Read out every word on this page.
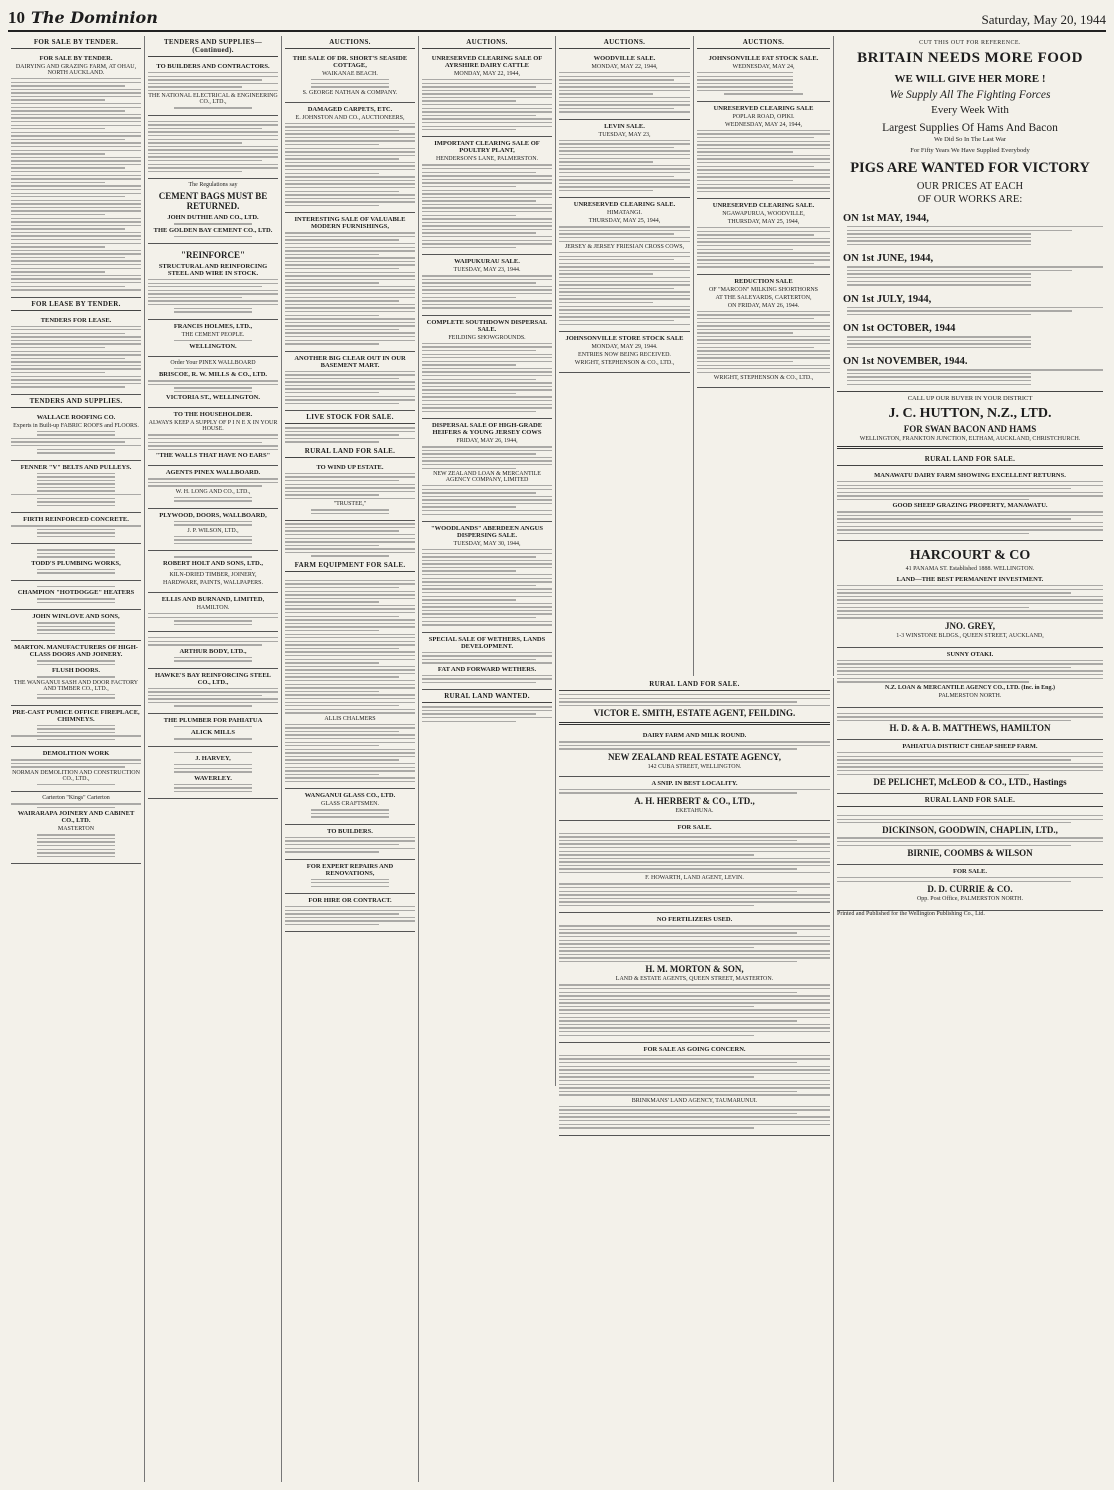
10 The Dominion	Saturday, May 20, 1944
FOR SALE BY TENDER.
FOR SALE BY TENDER.
DAIRYING AND GRAZING FARM, AT OHAU, NORTH AUCKLAND.
FOR LEASE BY TENDER.
TENDERS FOR LEASE.
TENDERS AND SUPPLIES.
WALLACE ROOFING CO.
Experts in Built-up FABRIC ROOFS and FLOORS.
FENNER "V" BELTS AND PULLEYS.
FIRTH REINFORCED CONCRETE.
TODD'S PLUMBING WORKS,
CHAMPION "HOTDOGGE" HEATERS
JOHN WINLOVE AND SONS,
MARTON. MANUFACTURERS OF HIGH-CLASS DOORS AND JOINERY.
FLUSH DOORS.
THE WANGANUI SASH AND DOOR FACTORY AND TIMBER CO., LTD.,
PRE-CAST PUMICE OFFICE FIREPLACE, CHIMNEYS.
DEMOLITION WORK
NORMAN DEMOLITION AND CONSTRUCTION CO., LTD.,
Carterton "Kings" Carterton
WAIRARAPA JOINERY AND CABINET CO., LTD.
MASTERTON
TENDERS AND SUPPLIES—(Continued).
TO BUILDERS AND CONTRACTORS.
THE NATIONAL ELECTRICAL & ENGINEERING CO., LTD.,
The Regulations say
CEMENT BAGS MUST BE RETURNED.
JOHN DUTHIE AND CO., LTD.
THE GOLDEN BAY CEMENT CO., LTD.
"REINFORCE"
STRUCTURAL AND REINFORCING STEEL AND WIRE IN STOCK.
FRANCIS HOLMES, LTD.,
THE CEMENT PEOPLE.
WELLINGTON.
Order Your PINEX WALLBOARD
BRISCOE, R. W. MILLS & CO., LTD.
VICTORIA ST., WELLINGTON.
TO THE HOUSEHOLDER.
ALWAYS KEEP A SUPPLY OF P I N E X IN YOUR HOUSE.
"THE WALLS THAT HAVE NO EARS"
AGENTS PINEX WALLBOARD.
W. H. LONG AND CO., LTD.,
PLYWOOD, DOORS, WALLBOARD,
J. P. WILSON, LTD.,
ROBERT HOLT AND SONS, LTD.,
KILN-DRIED TIMBER, JOINERY,
HARDWARE, PAINTS, WALLPAPERS.
ELLIS AND BURNAND, LIMITED,
HAMILTON.
ARTHUR BODY, LTD.,
HAWKE'S BAY REINFORCING STEEL CO., LTD.,
THE PLUMBER FOR PAHIATUA
ALICK MILLS
J. HARVEY,
WAVERLEY.
AUCTIONS.
THE SALE OF DR. SHORT'S SEASIDE COTTAGE,
WAIKANAE BEACH.
S. GEORGE NATHAN & COMPANY.
DAMAGED CARPETS, ETC.
E. JOHNSTON AND CO., AUCTIONEERS,
INTERESTING SALE OF VALUABLE MODERN FURNISHINGS,
ANOTHER BIG CLEAR OUT IN OUR BASEMENT MART.
LIVE STOCK FOR SALE.
RURAL LAND FOR SALE.
TO WIND UP ESTATE.
"TRUSTEE,"
FARM EQUIPMENT FOR SALE.
ALLIS CHALMERS
WANGANUI GLASS CO., LTD.
GLASS CRAFTSMEN.
TO BUILDERS.
FOR EXPERT REPAIRS AND RENOVATIONS,
FOR HIRE OR CONTRACT.
AUCTIONS.
UNRESERVED CLEARING SALE OF AYRSHIRE DAIRY CATTLE
MONDAY, MAY 22, 1944,
IMPORTANT CLEARING SALE OF POULTRY PLANT,
HENDERSON'S LANE, PALMERSTON.
WAIPUKURAU SALE.
TUESDAY, MAY 23, 1944.
COMPLETE SOUTHDOWN DISPERSAL SALE.
FEILDING SHOWGROUNDS.
DISPERSAL SALE OF HIGH-GRADE HEIFERS & YOUNG JERSEY COWS
FRIDAY, MAY 26, 1944,
NEW ZEALAND LOAN & MERCANTILE AGENCY COMPANY, LIMITED
"WOODLANDS" ABERDEEN ANGUS DISPERSING SALE.
TUESDAY, MAY 30, 1944,
SPECIAL SALE OF WETHERS, LANDS DEVELOPMENT.
FAT AND FORWARD WETHERS.
RURAL LAND WANTED.
AUCTIONS.
WOODVILLE SALE.
MONDAY, MAY 22, 1944,
LEVIN SALE.
TUESDAY, MAY 23,
UNRESERVED CLEARING SALE.
HIMATANGI.
THURSDAY, MAY 25, 1944,
JERSEY & JERSEY FRIESIAN CROSS COWS,
JOHNSONVILLE STORE STOCK SALE
MONDAY, MAY 29, 1944.
ENTRIES NOW BEING RECEIVED.
WRIGHT, STEPHENSON & CO., LTD.,
AUCTIONS.
JOHNSONVILLE FAT STOCK SALE.
WEDNESDAY, MAY 24,
UNRESERVED CLEARING SALE
POPLAR ROAD, OPIKI.
WEDNESDAY, MAY 24, 1944,
UNRESERVED CLEARING SALE.
NGAWAPURUA, WOODVILLE,
THURSDAY, MAY 25, 1944,
REDUCTION SALE
OF "MARCON" MILKING SHORTHORNS
AT THE SALEYARDS, CARTERTON,
ON FRIDAY, MAY 26, 1944.
WRIGHT, STEPHENSON & CO., LTD.,
RURAL LAND FOR SALE.
VICTOR E. SMITH, ESTATE AGENT, FEILDING.
DAIRY FARM AND MILK ROUND.
NEW ZEALAND REAL ESTATE AGENCY,
142 CUBA STREET, WELLINGTON.
A SNIP. IN BEST LOCALITY.
A. H. HERBERT & CO., LTD.,
EKETAHUNA.
FOR SALE.
F. HOWARTH, LAND AGENT, LEVIN.
NO FERTILIZERS USED.
H. M. MORTON & SON,
LAND & ESTATE AGENTS, QUEEN STREET, MASTERTON.
FOR SALE AS GOING CONCERN.
BRINKMANS' LAND AGENCY, TAUMARUNUI.
CUT THIS OUT FOR REFERENCE.
BRITAIN NEEDS MORE FOOD
WE WILL GIVE HER MORE !
We Supply All The Fighting Forces
Every Week With
Largest Supplies Of Hams And Bacon
We Did So In The Last War
For Fifty Years We Have Supplied Everybody
PIGS ARE WANTED FOR VICTORY
OUR PRICES AT EACH
OF OUR WORKS ARE:
ON 1st MAY, 1944,
ON 1st JUNE, 1944,
ON 1st JULY, 1944,
ON 1st OCTOBER, 1944
ON 1st NOVEMBER, 1944.
CALL UP OUR BUYER IN YOUR DISTRICT
J. C. HUTTON, N.Z., LTD.
FOR SWAN BACON AND HAMS
WELLINGTON, FRANKTON JUNCTION, ELTHAM, AUCKLAND, CHRISTCHURCH.
RURAL LAND FOR SALE.
MANAWATU DAIRY FARM SHOWING EXCELLENT RETURNS.
GOOD SHEEP GRAZING PROPERTY, MANAWATU.
HARCOURT & CO
41 PANAMA ST. Established 1888. WELLINGTON.
LAND—THE BEST PERMANENT INVESTMENT.
JNO. GREY,
1-3 WINSTONE BLDGS., QUEEN STREET, AUCKLAND,
SUNNY OTAKI.
N.Z. LOAN & MERCANTILE AGENCY CO., LTD. (Inc. in Eng.)
PALMERSTON NORTH.
H. D. & A. B. MATTHEWS, HAMILTON
PAHIATUA DISTRICT CHEAP SHEEP FARM.
DE PELICHET, McLEOD & CO., LTD., Hastings
RURAL LAND FOR SALE.
DICKINSON, GOODWIN, CHAPLIN, LTD.,
BIRNIE, COOMBS & WILSON
FOR SALE.
D. D. CURRIE & CO.
Opp. Post Office, PALMERSTON NORTH.
Printed and Published for the Wellington Publishing Co., Ltd.
